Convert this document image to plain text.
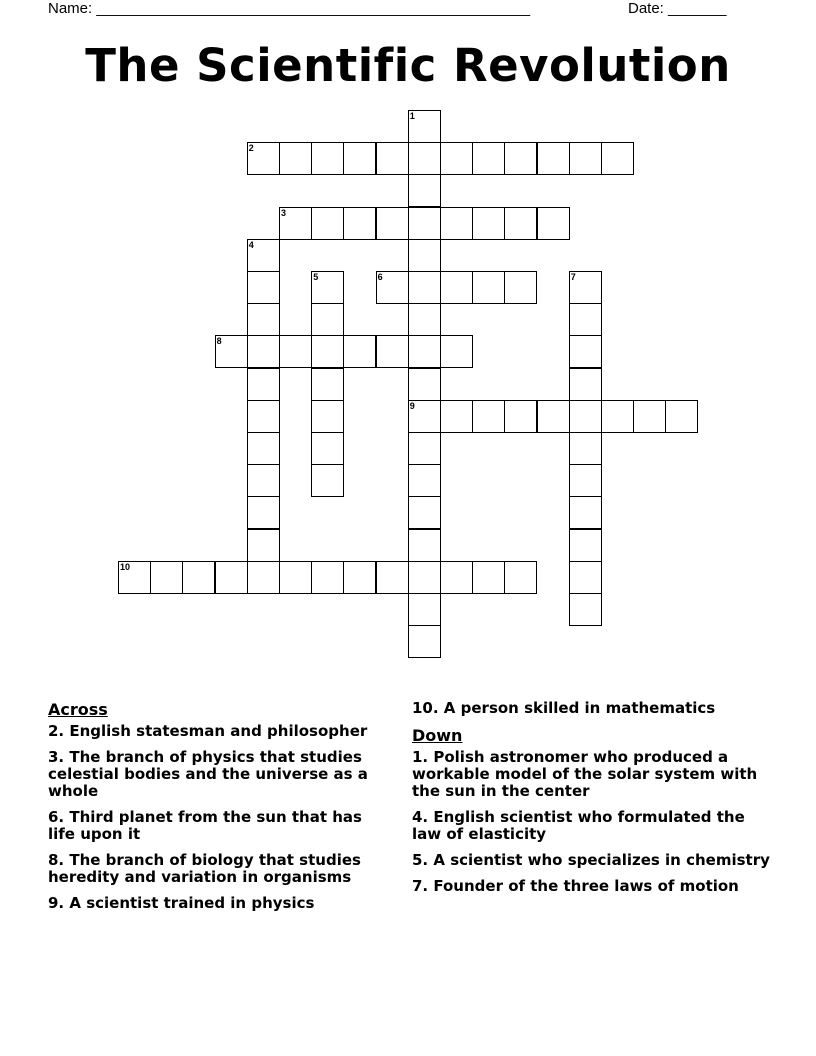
Name: ____________________________________________________	Date: _______
The Scientific Revolution
1
9
2
3
4
5	6	7
8
10
Across
2. English statesman and philosopher
3. The branch of physics that studies celestial bodies and the universe as a whole
6. Third planet from the sun that has life upon it
8. The branch of biology that studies heredity and variation in organisms
9. A scientist trained in physics
10. A person skilled in mathematics
Down
1. Polish astronomer who produced a workable model of the solar system with the sun in the center
4. English scientist who formulated the law of elasticity
5. A scientist who specializes in chemistry
7. Founder of the three laws of motion
